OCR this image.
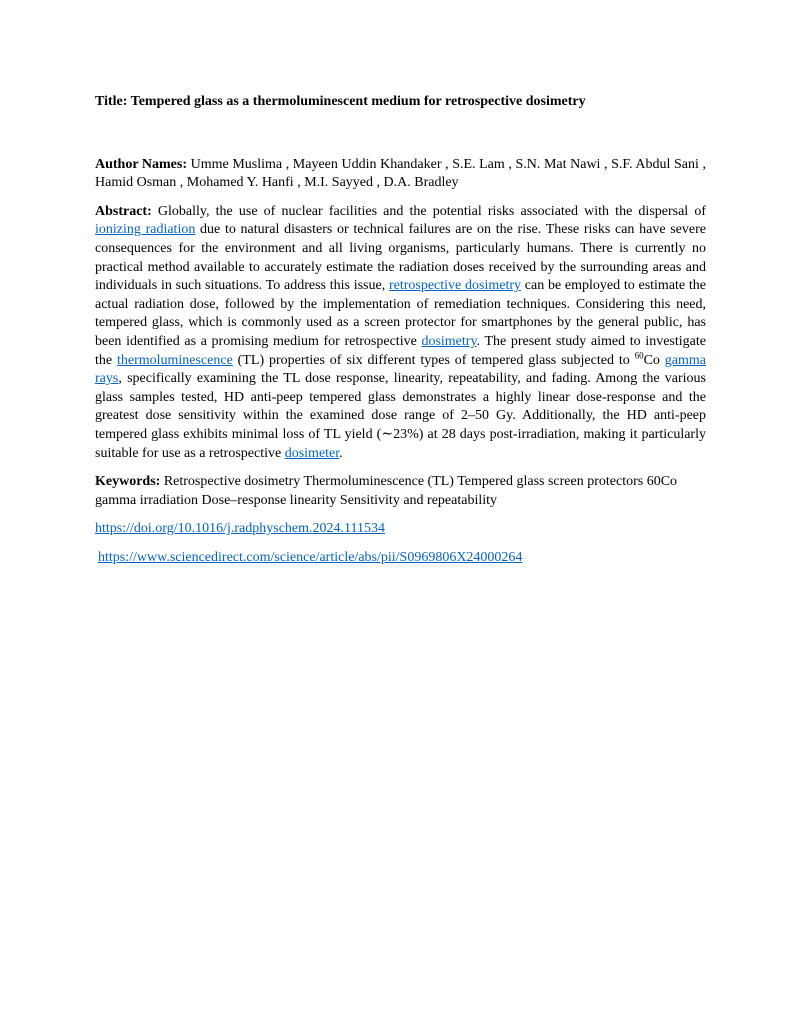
Title: Tempered glass as a thermoluminescent medium for retrospective dosimetry

Author Names: Umme Muslima , Mayeen Uddin Khandaker , S.E. Lam , S.N. Mat Nawi , S.F. Abdul Sani , Hamid Osman , Mohamed Y. Hanfi , M.I. Sayyed , D.A. Bradley

Abstract: Globally, the use of nuclear facilities and the potential risks associated with the dispersal of ionizing radiation due to natural disasters or technical failures are on the rise. These risks can have severe consequences for the environment and all living organisms, particularly humans. There is currently no practical method available to accurately estimate the radiation doses received by the surrounding areas and individuals in such situations. To address this issue, retrospective dosimetry can be employed to estimate the actual radiation dose, followed by the implementation of remediation techniques. Considering this need, tempered glass, which is commonly used as a screen protector for smartphones by the general public, has been identified as a promising medium for retrospective dosimetry. The present study aimed to investigate the thermoluminescence (TL) properties of six different types of tempered glass subjected to $^{60}$Co gamma rays, specifically examining the TL dose response, linearity, repeatability, and fading. Among the various glass samples tested, HD anti-peep tempered glass demonstrates a highly linear dose-response and the greatest dose sensitivity within the examined dose range of 2–50 Gy. Additionally, the HD anti-peep tempered glass exhibits minimal loss of TL yield (∼23%) at 28 days post-irradiation, making it particularly suitable for use as a retrospective dosimeter.

Keywords: Retrospective dosimetry Thermoluminescence (TL) Tempered glass screen protectors 60Co gamma irradiation Dose–response linearity Sensitivity and repeatability

https://doi.org/10.1016/j.radphyschem.2024.111534

https://www.sciencedirect.com/science/article/abs/pii/S0969806X24000264
